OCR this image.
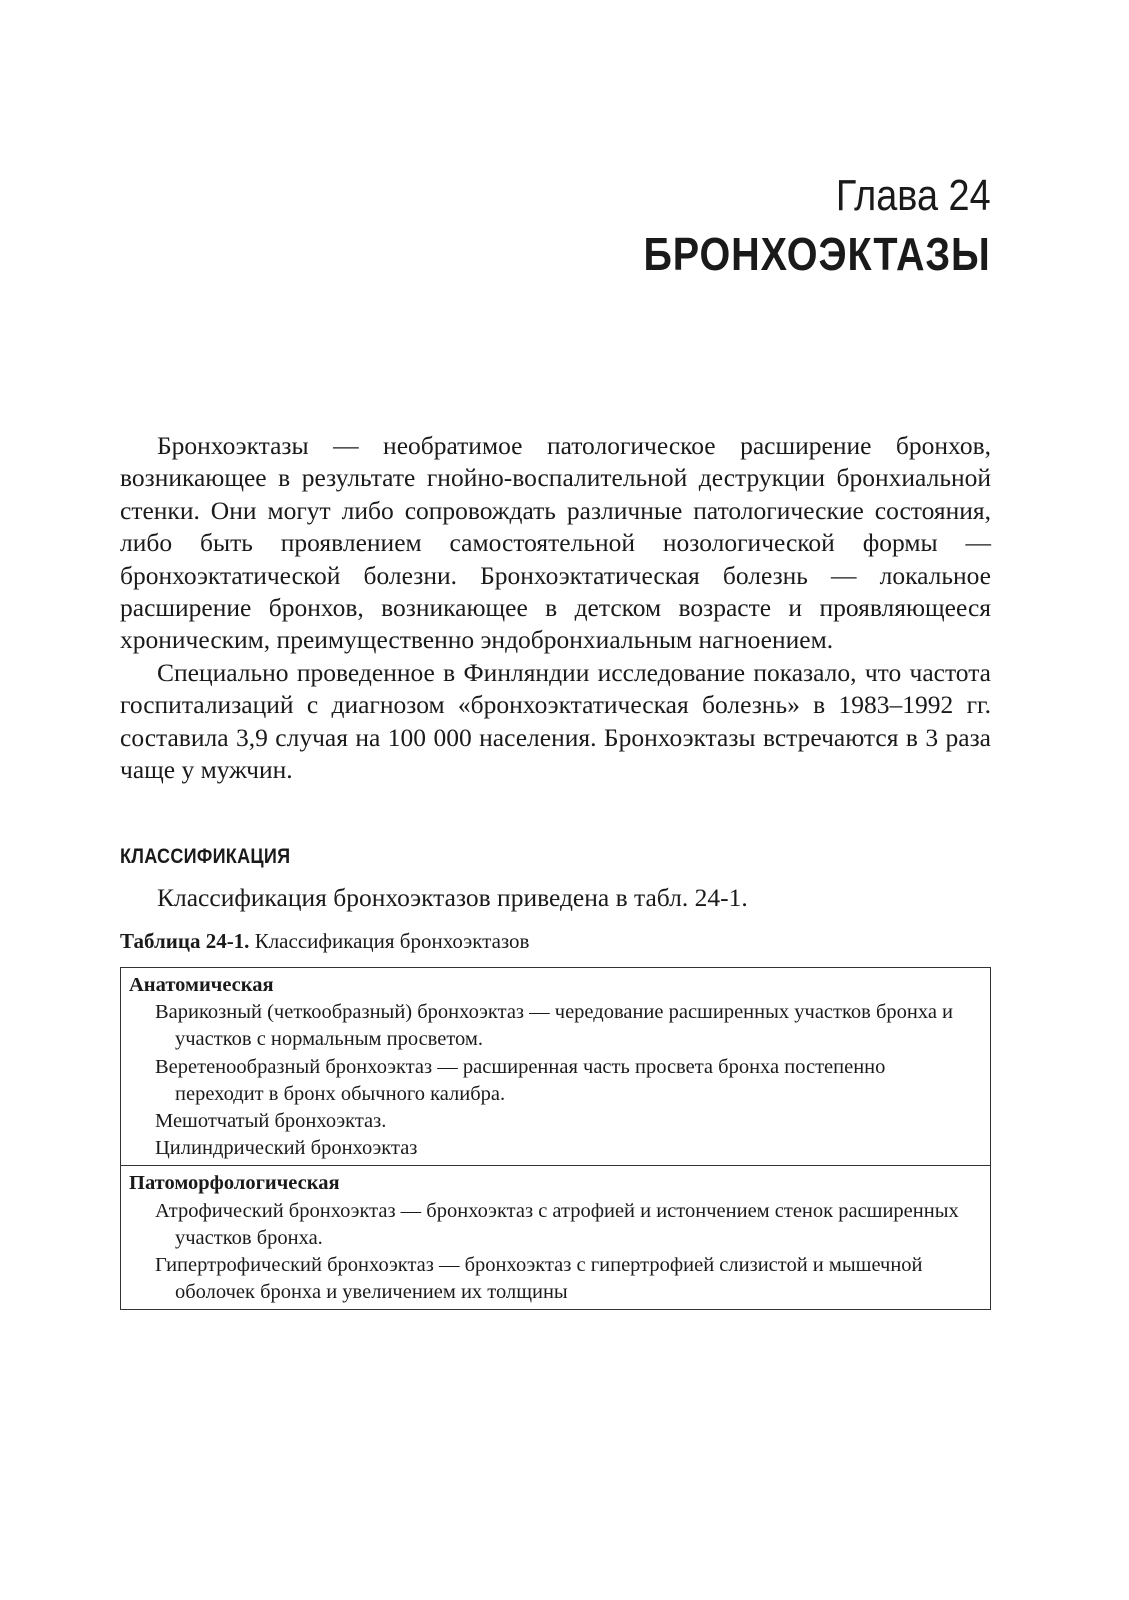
Глава 24
БРОНХОЭКТАЗЫ

Бронхоэктазы — необратимое патологическое расширение бронхов, возникающее в результате гнойно-воспалительной деструкции бронхиальной стенки. Они могут либо сопровождать различные патологические состояния, либо быть проявлением самостоятельной нозологической формы — бронхоэктатической болезни. Бронхоэктатическая болезнь — локальное расширение бронхов, возникающее в детском возрасте и проявляющееся хроническим, преимущественно эндобронхиальным нагноением.

Специально проведенное в Финляндии исследование показало, что частота госпитализаций с диагнозом «бронхоэктатическая болезнь» в 1983–1992 гг. составила 3,9 случая на 100 000 населения. Бронхоэктазы встречаются в 3 раза чаще у мужчин.

КЛАССИФИКАЦИЯ
Классификация бронхоэктазов приведена в табл. 24-1.
Таблица 24-1. Классификация бронхоэктазов
Анатомическая
Варикозный (четкообразный) бронхоэктаз — чередование расширенных участков бронха и участков с нормальным просветом.
Веретенообразный бронхоэктаз — расширенная часть просвета бронха постепенно переходит в бронх обычного калибра.
Мешотчатый бронхоэктаз.
Цилиндрический бронхоэктаз
Патоморфологическая
Атрофический бронхоэктаз — бронхоэктаз с атрофией и истончением стенок расширенных участков бронха.
Гипертрофический бронхоэктаз — бронхоэктаз с гипертрофией слизистой и мышечной оболочек бронха и увеличением их толщины
